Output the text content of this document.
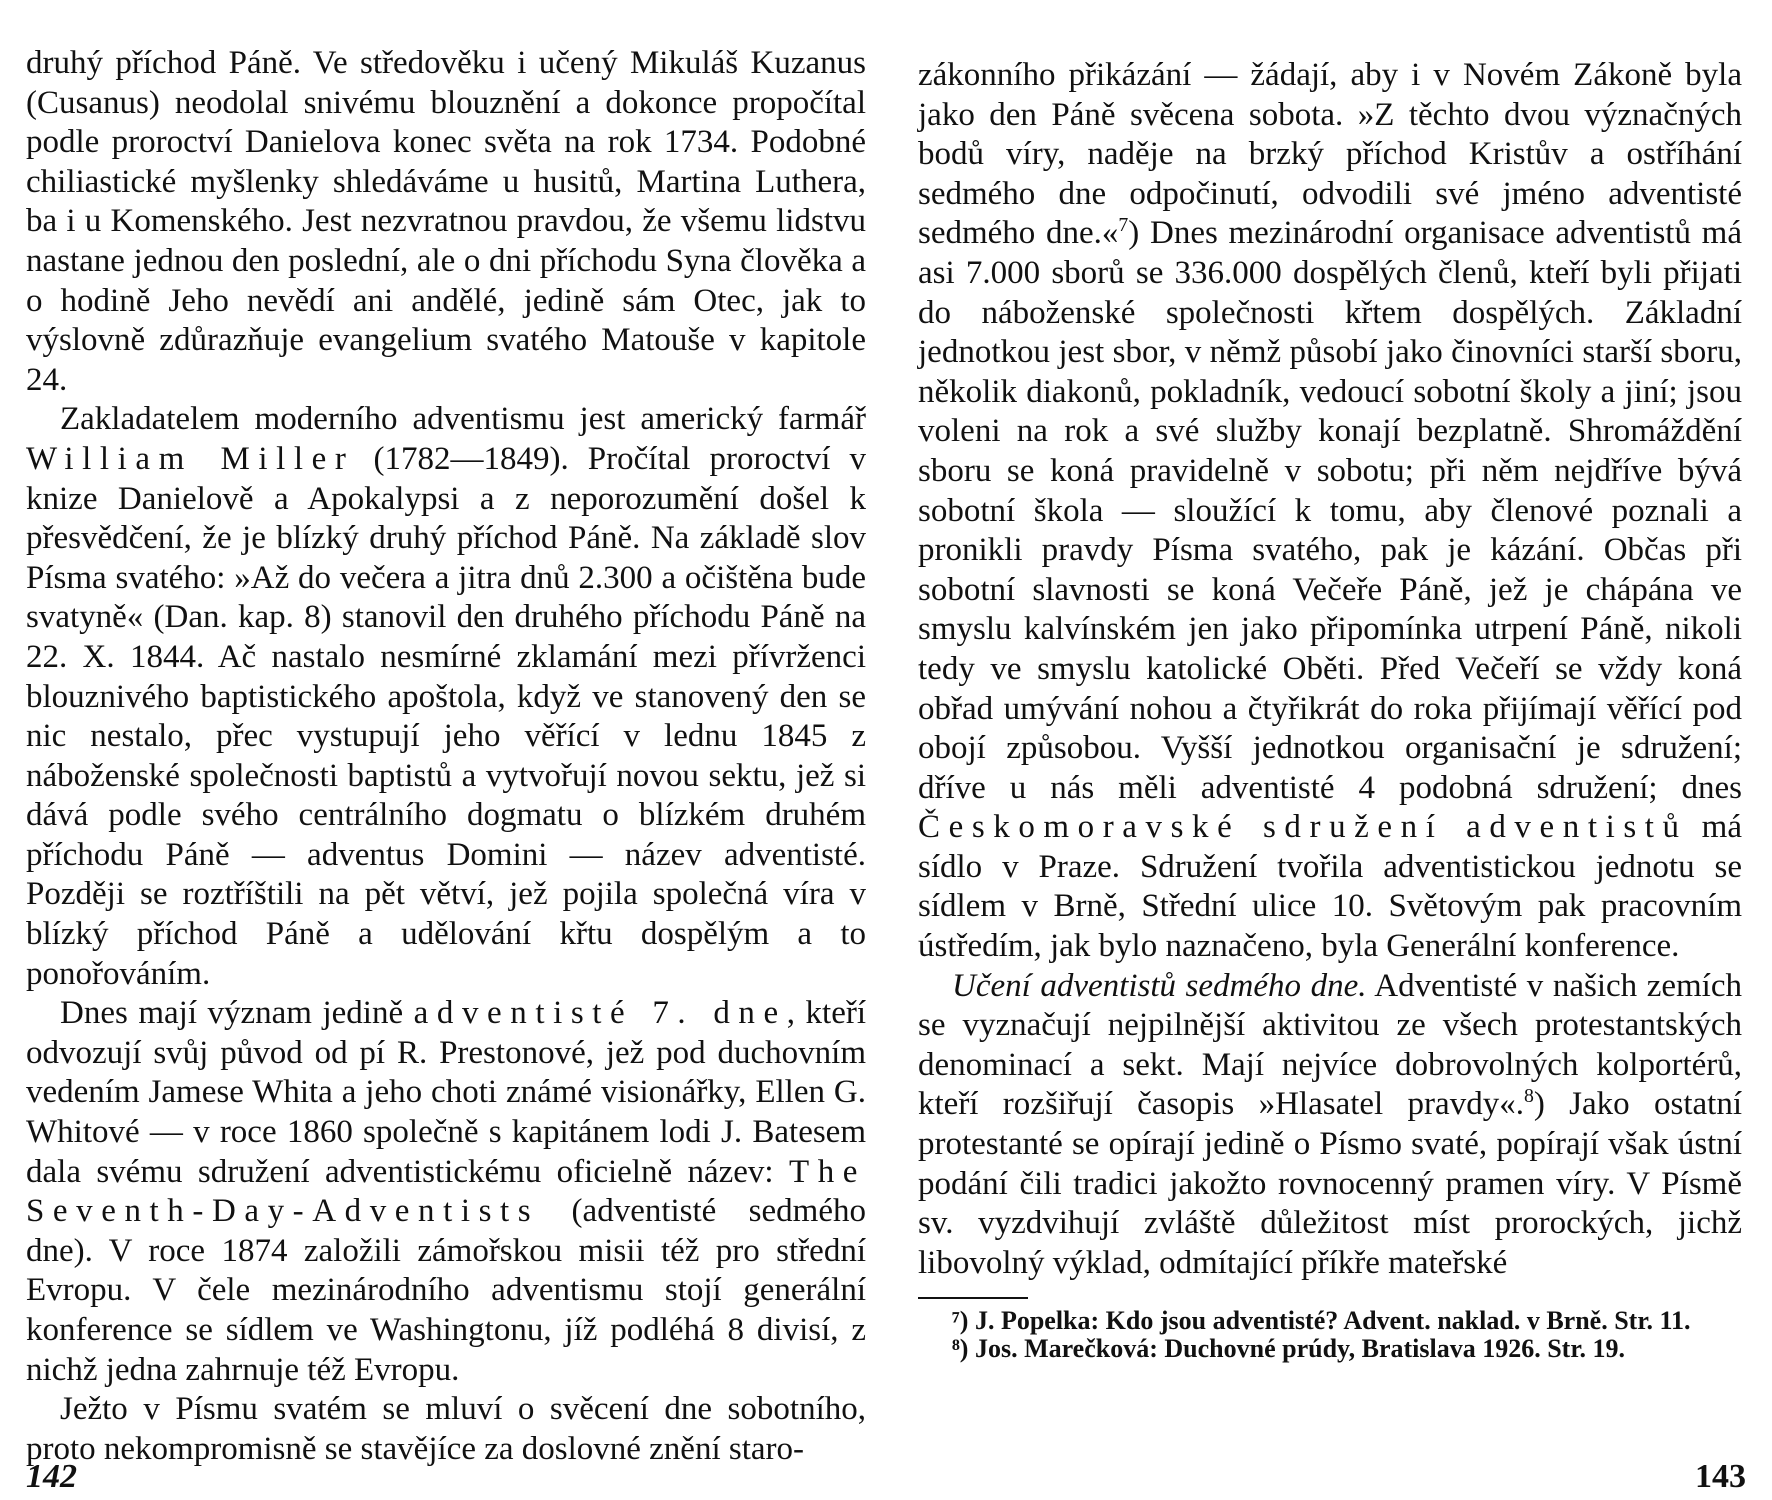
druhý příchod Páně. Ve středověku i učený Mikuláš Kuzanus (Cusanus) neodolal snivému blouznění a dokonce propočítal podle proroctví Danielova konec světa na rok 1734. Podobné chiliastické myšlenky shledáváme u husitů, Martina Luthera, ba i u Komenského. Jest nezvratnou pravdou, že všemu lidstvu nastane jednou den poslední, ale o dni příchodu Syna člověka a o hodině Jeho nevědí ani andělé, jedině sám Otec, jak to výslovně zdůrazňuje evangelium svatého Matouše v kapitole 24.

Zakladatelem moderního adventismu jest americký farmář William Miller (1782—1849). Pročítal proroctví v knize Danielově a Apokalypsi a z neporozumění došel k přesvědčení, že je blízký druhý příchod Páně. Na základě slov Písma svatého: »Až do večera a jitra dnů 2.300 a očištěna bude svatyně« (Dan. kap. 8) stanovil den druhého příchodu Páně na 22. X. 1844. Ač nastalo nesmírné zklamání mezi přívrženci blouznivého baptistického apoštola, když ve stanovený den se nic nestalo, přec vystupují jeho věřící v lednu 1845 z náboženské společnosti baptistů a vytvořují novou sektu, jež si dává podle svého centrálního dogmatu o blízkém druhém příchodu Páně — adventus Domini — název adventisté. Později se roztříštili na pět větví, jež pojila společná víra v blízký příchod Páně a udělování křtu dospělým a to ponořováním.

Dnes mají význam jedině adventisté 7. dne, kteří odvozují svůj původ od pí R. Prestonové, jež pod duchovním vedením Jamese Whita a jeho choti známé visionářky, Ellen G. Whitové — v roce 1860 společně s kapitánem lodi J. Batesem dala svému sdružení adventistickému oficielně název: The Seventh-Day-Adventists (adventisté sedmého dne). V roce 1874 založili zámořskou misii též pro střední Evropu. V čele mezinárodního adventismu stojí generální konference se sídlem ve Washingtonu, jíž podléhá 8 divisí, z nichž jedna zahrnuje též Evropu.

Ježto v Písmu svatém se mluví o svěcení dne sobotního, proto nekompromisně se stavějíce za doslovné znění staro-

zákonního přikázání — žádají, aby i v Novém Zákoně byla jako den Páně svěcena sobota. »Z těchto dvou význačných bodů víry, naděje na brzký příchod Kristův a ostříhání sedmého dne odpočinutí, odvodili své jméno adventisté sedmého dne.«$^7$) Dnes mezinárodní organisace adventistů má asi 7.000 sborů se 336.000 dospělých členů, kteří byli přijati do náboženské společnosti křtem dospělých. Základní jednotkou jest sbor, v němž působí jako činovníci starší sboru, několik diakonů, pokladník, vedoucí sobotní školy a jiní; jsou voleni na rok a své služby konají bezplatně. Shromáždění sboru se koná pravidelně v sobotu; při něm nejdříve bývá sobotní škola — sloužící k tomu, aby členové poznali a pronikli pravdy Písma svatého, pak je kázání. Občas při sobotní slavnosti se koná Večeře Páně, jež je chápána ve smyslu kalvínském jen jako připomínka utrpení Páně, nikoli tedy ve smyslu katolické Oběti. Před Večeří se vždy koná obřad umývání nohou a čtyřikrát do roka přijímají věřící pod obojí způsobou. Vyšší jednotkou organisační je sdružení; dříve u nás měli adventisté 4 podobná sdružení; dnes Českomoravské sdružení adventistů má sídlo v Praze. Sdružení tvořila adventistickou jednotu se sídlem v Brně, Střední ulice 10. Světovým pak pracovním ústředím, jak bylo naznačeno, byla Generální konference.

Učení adventistů sedmého dne. Adventisté v našich zemích se vyznačují nejpilnější aktivitou ze všech protestantských denominací a sekt. Mají nejvíce dobrovolných kolportérů, kteří rozšiřují časopis »Hlasatel pravdy«.$^8$) Jako ostatní protestanté se opírají jedině o Písmo svaté, popírají však ústní podání čili tradici jakožto rovnocenný pramen víry. V Písmě sv. vyzdvihují zvláště důležitost míst prorockých, jichž libovolný výklad, odmítající příkře mateřské

⁷) J. Popelka: Kdo jsou adventisté? Advent. naklad. v Brně. Str. 11.

⁸) Jos. Marečková: Duchovné prúdy, Bratislava 1926. Str. 19.

142	143
